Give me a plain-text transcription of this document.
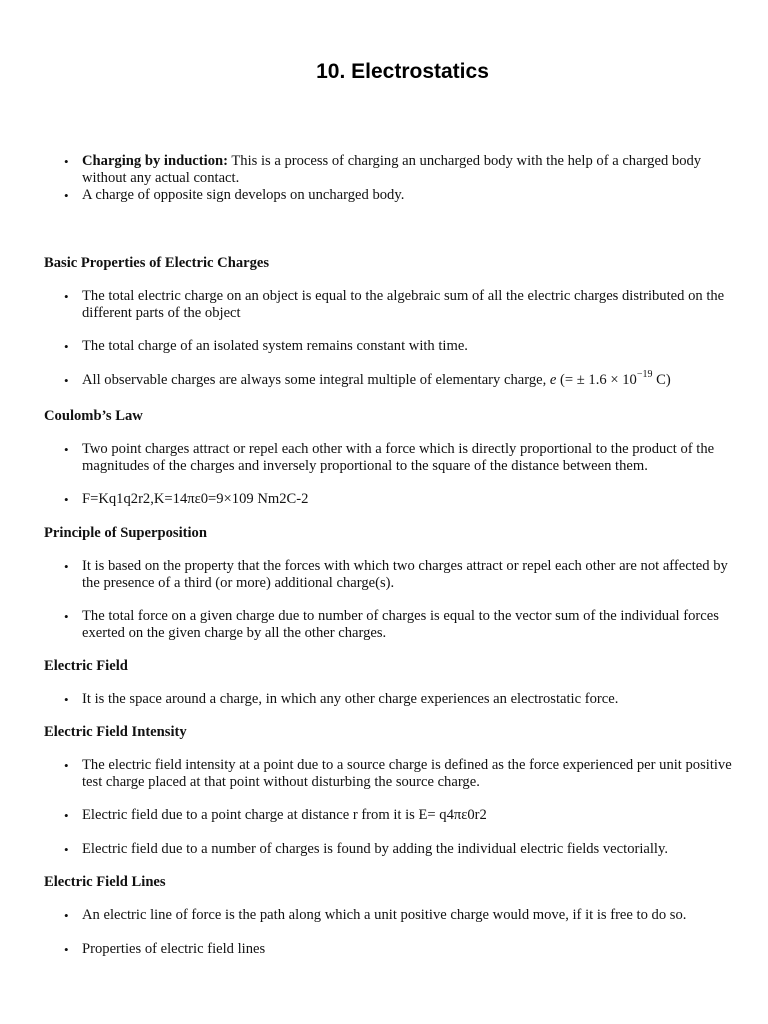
10. Electrostatics
• Charging by induction: This is a process of charging an uncharged body with the help of a charged body without any actual contact.
• A charge of opposite sign develops on uncharged body.
Basic Properties of Electric Charges
• The total electric charge on an object is equal to the algebraic sum of all the electric charges distributed on the different parts of the object
• The total charge of an isolated system remains constant with time.
• All observable charges are always some integral multiple of elementary charge, e (= ± $1.6 \times 10^{-19}$ C)
Coulomb’s Law
• Two point charges attract or repel each other with a force which is directly proportional to the product of the magnitudes of the charges and inversely proportional to the square of the distance between them.
• F=Kq1q2r2,K=14πε0=9×109 Nm2C-2
Principle of Superposition
• It is based on the property that the forces with which two charges attract or repel each other are not affected by the presence of a third (or more) additional charge(s).
• The total force on a given charge due to number of charges is equal to the vector sum of the individual forces exerted on the given charge by all the other charges.
Electric Field
• It is the space around a charge, in which any other charge experiences an electrostatic force.
Electric Field Intensity
• The electric field intensity at a point due to a source charge is defined as the force experienced per unit positive test charge placed at that point without disturbing the source charge.
• Electric field due to a point charge at distance r from it is E= q4πε0r2
• Electric field due to a number of charges is found by adding the individual electric fields vectorially.
Electric Field Lines
• An electric line of force is the path along which a unit positive charge would move, if it is free to do so.
• Properties of electric field lines
